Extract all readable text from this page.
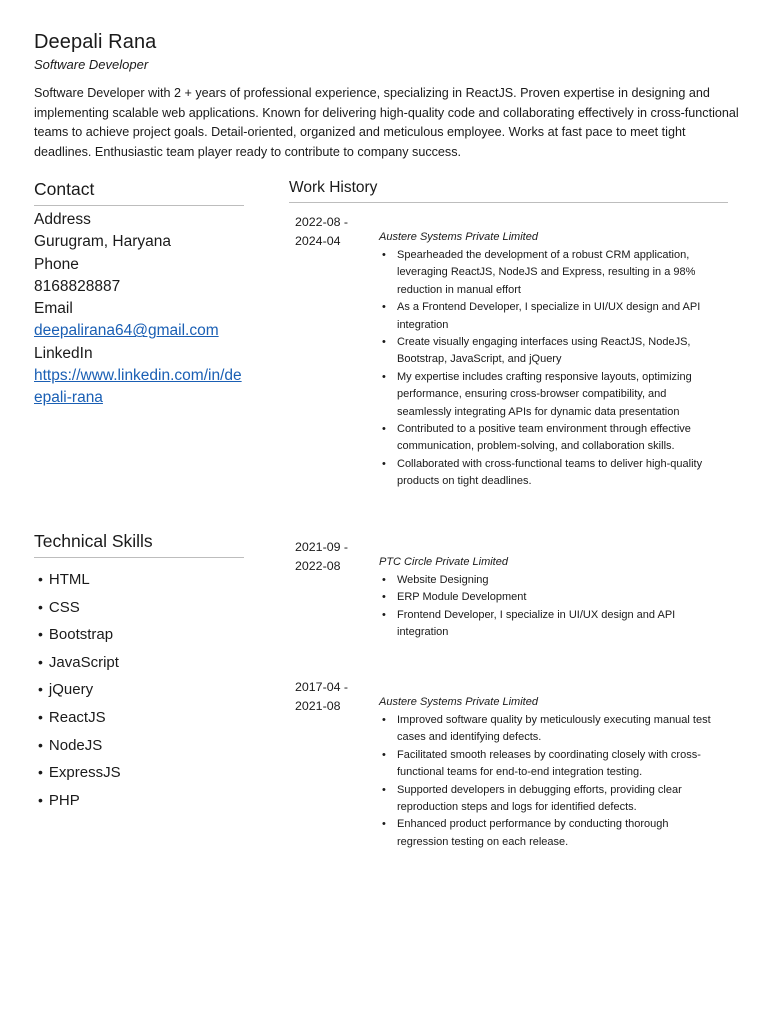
Deepali Rana
Software Developer
Software Developer with 2 + years of professional experience, specializing in ReactJS. Proven expertise in designing and implementing scalable web applications. Known for delivering high-quality code and collaborating effectively in cross-functional teams to achieve project goals. Detail-oriented, organized and meticulous employee. Works at fast pace to meet tight deadlines. Enthusiastic team player ready to contribute to company success.
Contact
Address
Gurugram, Haryana
Phone
8168828887
Email
deepalirana64@gmail.com
LinkedIn
https://www.linkedin.com/in/deepali-rana
Technical Skills
• HTML
• CSS
• Bootstrap
• JavaScript
• jQuery
• ReactJS
• NodeJS
• ExpressJS
• PHP
Work History
2022-08 -
2024-04	Austere Systems Private Limited
• Spearheaded the development of a robust CRM application, leveraging ReactJS, NodeJS and Express, resulting in a 98% reduction in manual effort
• As a Frontend Developer, I specialize in UI/UX design and API integration
• Create visually engaging interfaces using ReactJS, NodeJS, Bootstrap, JavaScript, and jQuery
• My expertise includes crafting responsive layouts, optimizing performance, ensuring cross-browser compatibility, and seamlessly integrating APIs for dynamic data presentation
• Contributed to a positive team environment through effective communication, problem-solving, and collaboration skills.
• Collaborated with cross-functional teams to deliver high-quality products on tight deadlines.
2021-09 -
2022-08	PTC Circle Private Limited
• Website Designing
• ERP Module Development
• Frontend Developer, I specialize in UI/UX design and API integration
2017-04 -
2021-08	Austere Systems Private Limited
• Improved software quality by meticulously executing manual test cases and identifying defects.
• Facilitated smooth releases by coordinating closely with cross-functional teams for end-to-end integration testing.
• Supported developers in debugging efforts, providing clear reproduction steps and logs for identified defects.
• Enhanced product performance by conducting thorough regression testing on each release.
